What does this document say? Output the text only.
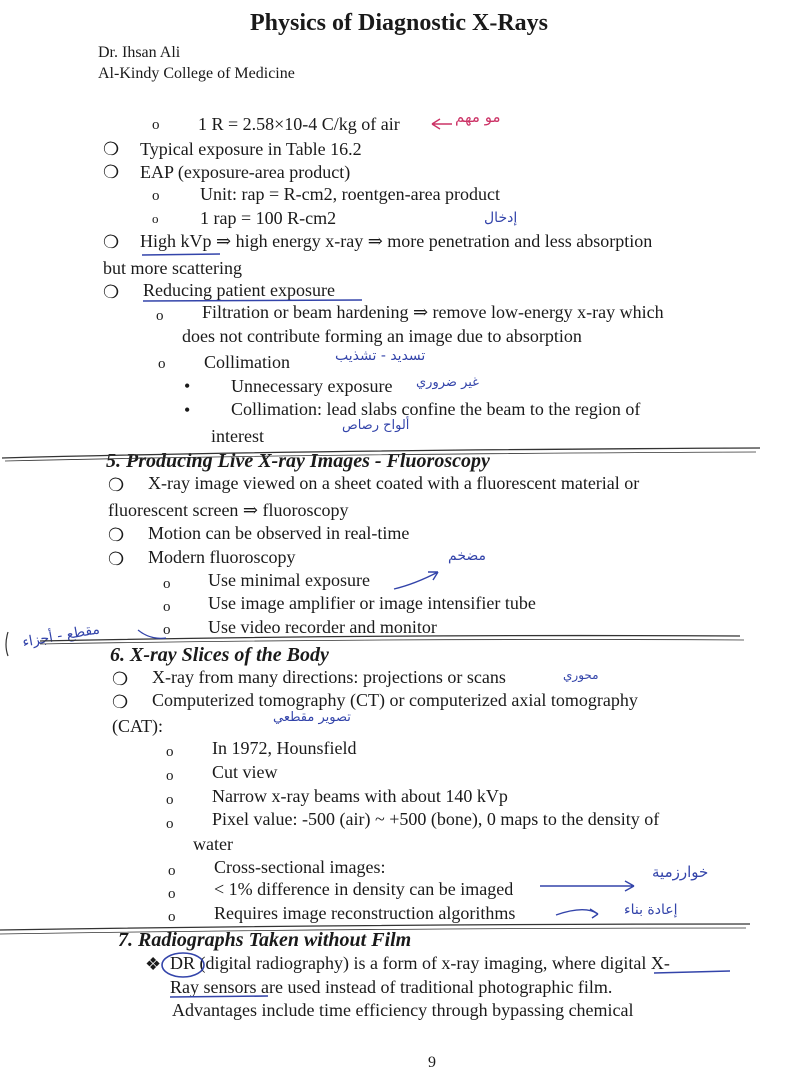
Physics of Diagnostic X-Rays
Dr. Ihsan Ali
Al-Kindy College of Medicine
o 1 R = 2.58×10-4 C/kg of air
❍ Typical exposure in Table 16.2
❍ EAP (exposure-area product)
o Unit: rap = R-cm2, roentgen-area product
o 1 rap = 100 R-cm2
❍ High kVp ⇒ high energy x-ray ⇒ more penetration and less absorption
but more scattering
❍ Reducing patient exposure
o Filtration or beam hardening ⇒ remove low-energy x-ray which
does not contribute forming an image due to absorption
o Collimation
• Unnecessary exposure
• Collimation: lead slabs confine the beam to the region of
interest
5. Producing Live X-ray Images - Fluoroscopy
❍ X-ray image viewed on a sheet coated with a fluorescent material or
fluorescent screen ⇒ fluoroscopy
❍ Motion can be observed in real-time
❍ Modern fluoroscopy
o Use minimal exposure
o Use image amplifier or image intensifier tube
o Use video recorder and monitor
6. X-ray Slices of the Body
❍ X-ray from many directions: projections or scans
❍ Computerized tomography (CT) or computerized axial tomography
(CAT):
o In 1972, Hounsfield
o Cut view
o Narrow x-ray beams with about 140 kVp
o Pixel value: -500 (air) ~ +500 (bone), 0 maps to the density of
water
o Cross-sectional images:
o < 1% difference in density can be imaged
o Requires image reconstruction algorithms
7. Radiographs Taken without Film
❖ DR (digital radiography) is a form of x-ray imaging, where digital X-
Ray sensors are used instead of traditional photographic film.
Advantages include time efficiency through bypassing chemical
9
مو مهم
إدخال
تسديد - تشذيب
غير ضروري
ألواح رصاص
مضخم
مقطع - أجزاء
محوري
تصوير مقطعي
خوارزمية
إعادة بناء
